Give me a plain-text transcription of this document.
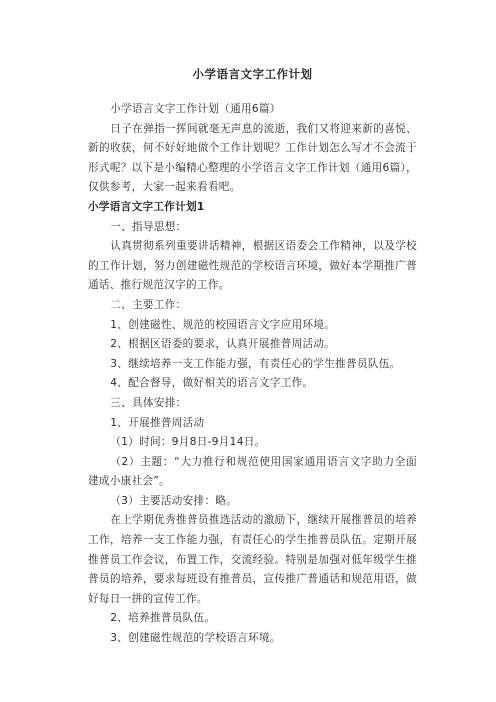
小学语言文字工作计划

小学语言文字工作计划（通用6篇）

日子在弹指一挥间就毫无声息的流逝，我们又将迎来新的喜悦、新的收获，何不好好地做个工作计划呢？工作计划怎么写才不会流于形式呢？以下是小编精心整理的小学语言文字工作计划（通用6篇），仅供参考，大家一起来看看吧。

小学语言文字工作计划1

一、指导思想：

认真贯彻系列重要讲话精神，根据区语委会工作精神，以及学校的工作计划，努力创建磁性规范的学校语言环境，做好本学期推广普通话、推行规范汉字的工作。

二、主要工作：

1、创建磁性、规范的校园语言文字应用环境。

2、根据区语委的要求，认真开展推普周活动。

3、继续培养一支工作能力强，有责任心的学生推普员队伍。

4、配合督导，做好相关的语言文字工作。

三、具体安排：

1、开展推普周活动

（1）时间：9月8日-9月14日。

（2）主题：“大力推行和规范使用国家通用语言文字助力全面建成小康社会”。

（3）主要活动安排：略。

在上学期优秀推普员推选活动的激励下，继续开展推普员的培养工作，培养一支工作能力强，有责任心的学生推普员队伍。定期开展推普员工作会议，布置工作，交流经验。特别是加强对低年级学生推普员的培养，要求每班设有推普员，宣传推广普通话和规范用语，做好每日一拼的宣传工作。

2、培养推普员队伍。

3、创建磁性规范的学校语言环境。
